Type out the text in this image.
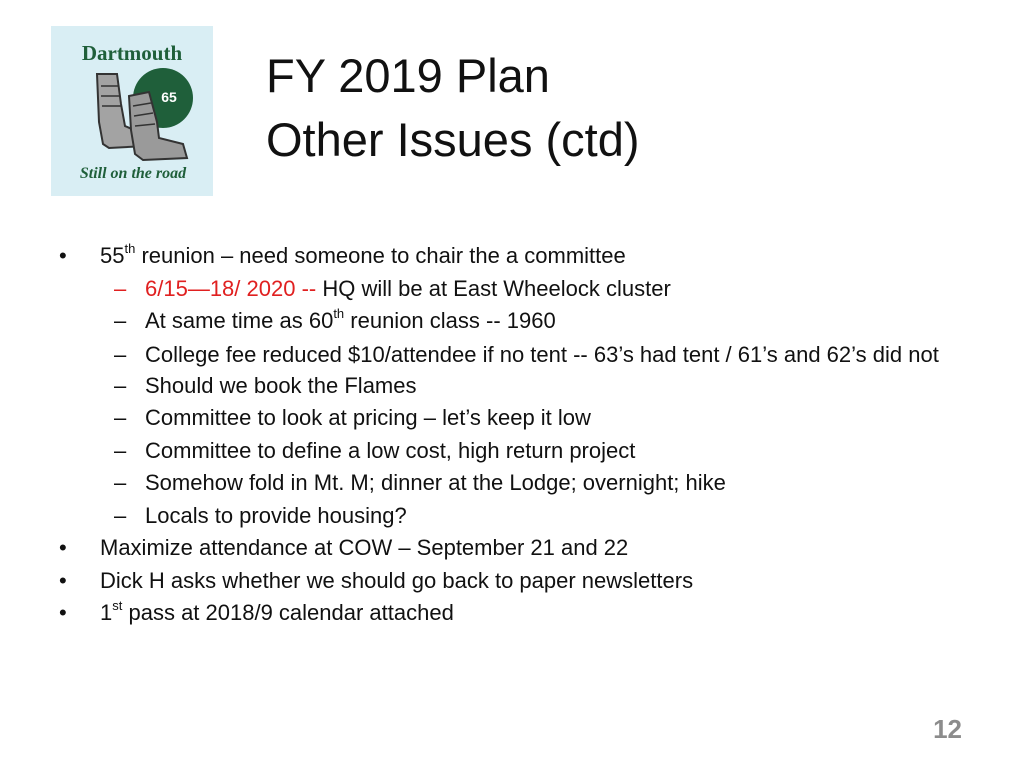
Dartmouth
65
Still on the road
FY 2019 Plan
Other Issues (ctd)
• 55th reunion – need someone to chair the a committee
– 6/15—18/ 2020 -- HQ will be at East Wheelock cluster
– At same time as 60th reunion class -- 1960
– College fee reduced $10/attendee if no tent -- 63’s had tent / 61’s and 62’s did not
– Should we book the Flames
– Committee to look at pricing – let’s keep it low
– Committee to define a low cost, high return project
– Somehow fold in Mt. M; dinner at the Lodge; overnight; hike
– Locals to provide housing?
• Maximize attendance at COW – September 21 and 22
• Dick H asks whether we should go back to paper newsletters
• 1st pass at 2018/9 calendar attached
12
